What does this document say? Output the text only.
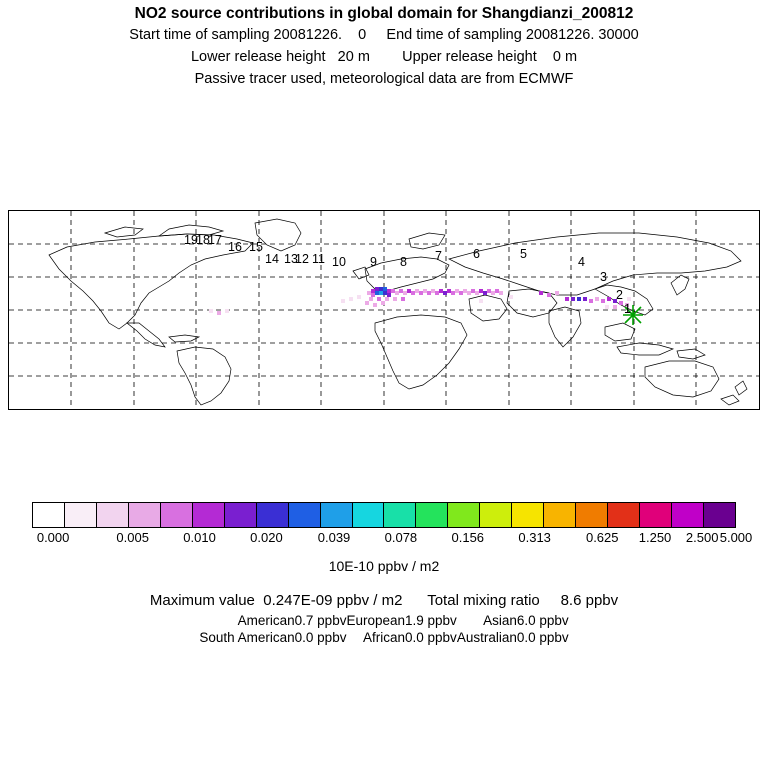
NO2 source contributions in global domain for Shangdianzi_200812
Start time of sampling 20081226.    0     End time of sampling 20081226. 30000
Lower release height   20 m        Upper release height    0 m
Passive tracer used, meteorological data are from ECMWF
19
18
17 16 15
14 13
12 11 10 9 8 7 6	5
4
3
2
1
0.000	0.005	0.010	0.020	0.039	0.078	0.156	0.313	0.625 1.250 2.500 5.000
10E-10 ppbv / m2
Maximum value  0.247E-09 ppbv / m2      Total mixing ratio     8.6 ppbv
American	0.7 ppbv	European	1.9 ppbv	Asian	6.0 ppbv
South American	0.0 ppbv	African	0.0 ppbv	Australian	0.0 ppbv
